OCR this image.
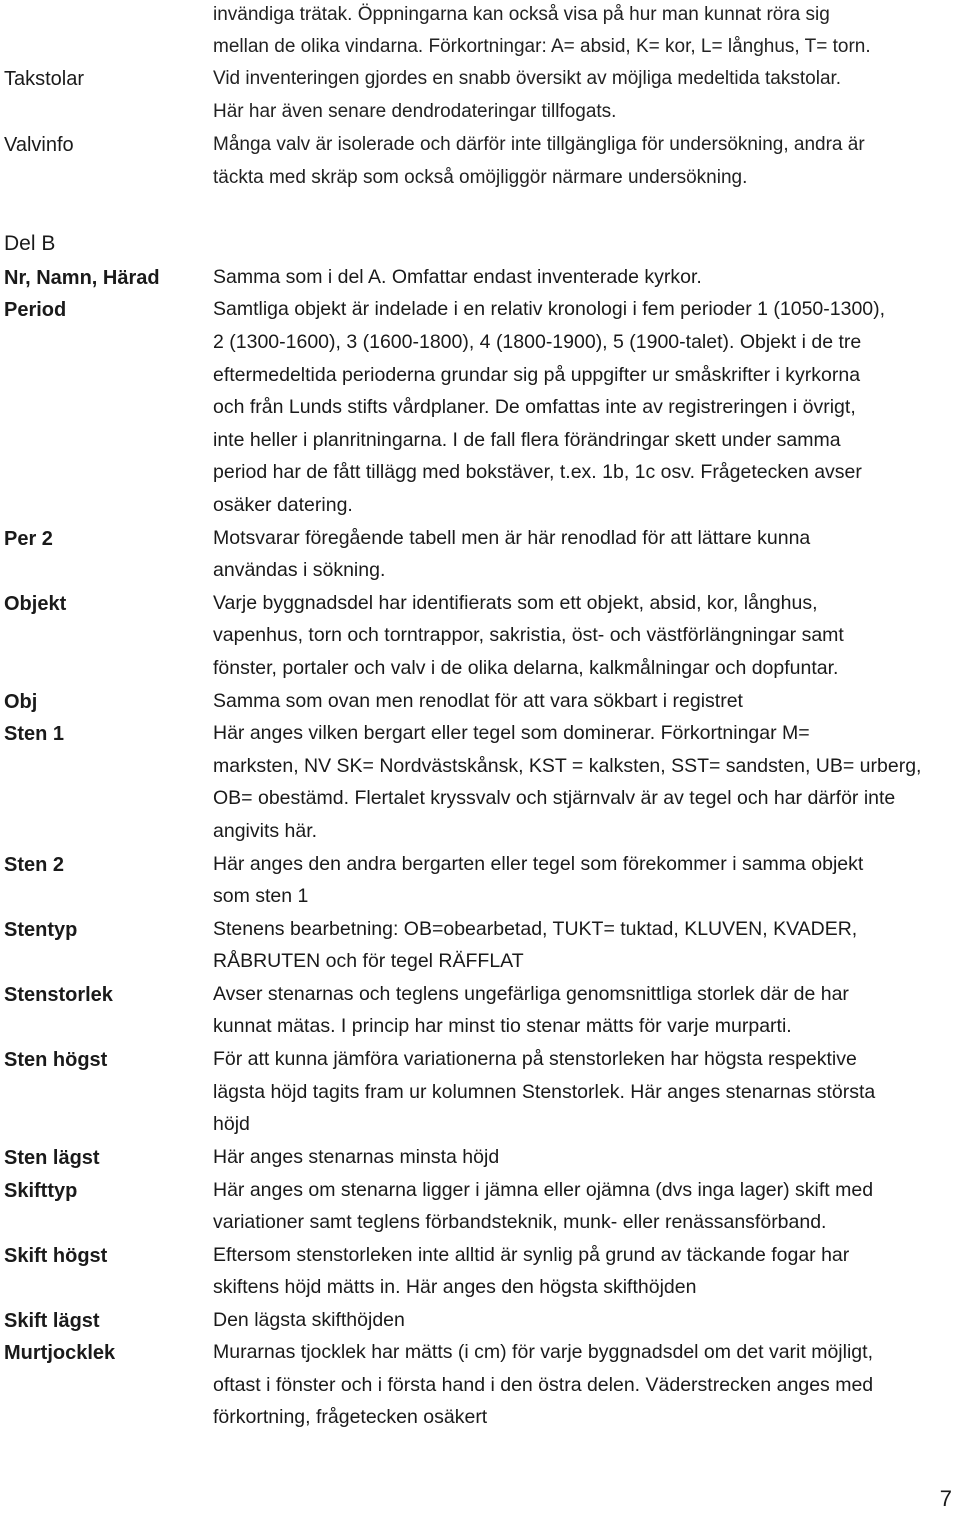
invändiga trätak. Öppningarna kan också visa på hur man kunnat röra sig
mellan de olika vindarna. Förkortningar: A= absid, K= kor, L= långhus, T= torn.
Takstolar	Vid inventeringen gjordes en snabb översikt av möjliga medeltida takstolar.
Här har även senare dendrodateringar tillfogats.
Valvinfo	Många valv är isolerade och därför inte tillgängliga för undersökning, andra är
täckta med skräp som också omöjliggör närmare undersökning.
Del B
Nr, Namn, Härad	Samma som i del A. Omfattar endast inventerade kyrkor.
Period	Samtliga objekt är indelade i en relativ kronologi i fem perioder 1 (1050-1300),
2 (1300-1600), 3 (1600-1800), 4 (1800-1900), 5 (1900-talet). Objekt i de tre
eftermedeltida perioderna grundar sig på uppgifter ur småskrifter i kyrkorna
och från Lunds stifts vårdplaner. De omfattas inte av registreringen i övrigt,
inte heller i planritningarna. I de fall flera förändringar skett under samma
period har de fått tillägg med bokstäver, t.ex. 1b, 1c osv. Frågetecken avser
osäker datering.
Per 2	Motsvarar föregående tabell men är här renodlad för att lättare kunna
användas i sökning.
Objekt	Varje byggnadsdel har identifierats som ett objekt, absid, kor, långhus,
vapenhus, torn och torntrappor, sakristia, öst- och västförlängningar samt
fönster, portaler och valv i de olika delarna, kalkmålningar och dopfuntar.
Obj	Samma som ovan men renodlat för att vara sökbart i registret
Sten 1	Här anges vilken bergart eller tegel som dominerar. Förkortningar M=
marksten, NV SK= Nordvästskånsk, KST = kalksten, SST= sandsten, UB= urberg,
OB= obestämd. Flertalet kryssvalv och stjärnvalv är av tegel och har därför inte
angivits här.
Sten 2	Här anges den andra bergarten eller tegel som förekommer i samma objekt
som sten 1
Stentyp	Stenens bearbetning: OB=obearbetad, TUKT= tuktad, KLUVEN, KVADER,
RÅBRUTEN och för tegel RÄFFLAT
Stenstorlek	Avser stenarnas och teglens ungefärliga genomsnittliga storlek där de har
kunnat mätas. I princip har minst tio stenar mätts för varje murparti.
Sten högst	För att kunna jämföra variationerna på stenstorleken har högsta respektive
lägsta höjd tagits fram ur kolumnen Stenstorlek. Här anges stenarnas största
höjd
Sten lägst	Här anges stenarnas minsta höjd
Skifttyp	Här anges om stenarna ligger i jämna eller ojämna (dvs inga lager) skift med
variationer samt teglens förbandsteknik, munk- eller renässansförband.
Skift högst	Eftersom stenstorleken inte alltid är synlig på grund av täckande fogar har
skiftens höjd mätts in. Här anges den högsta skifthöjden
Skift lägst	Den lägsta skifthöjden
Murtjocklek	Murarnas tjocklek har mätts (i cm) för varje byggnadsdel om det varit möjligt,
oftast i fönster och i första hand i den östra delen. Väderstrecken anges med
förkortning, frågetecken osäkert
7
